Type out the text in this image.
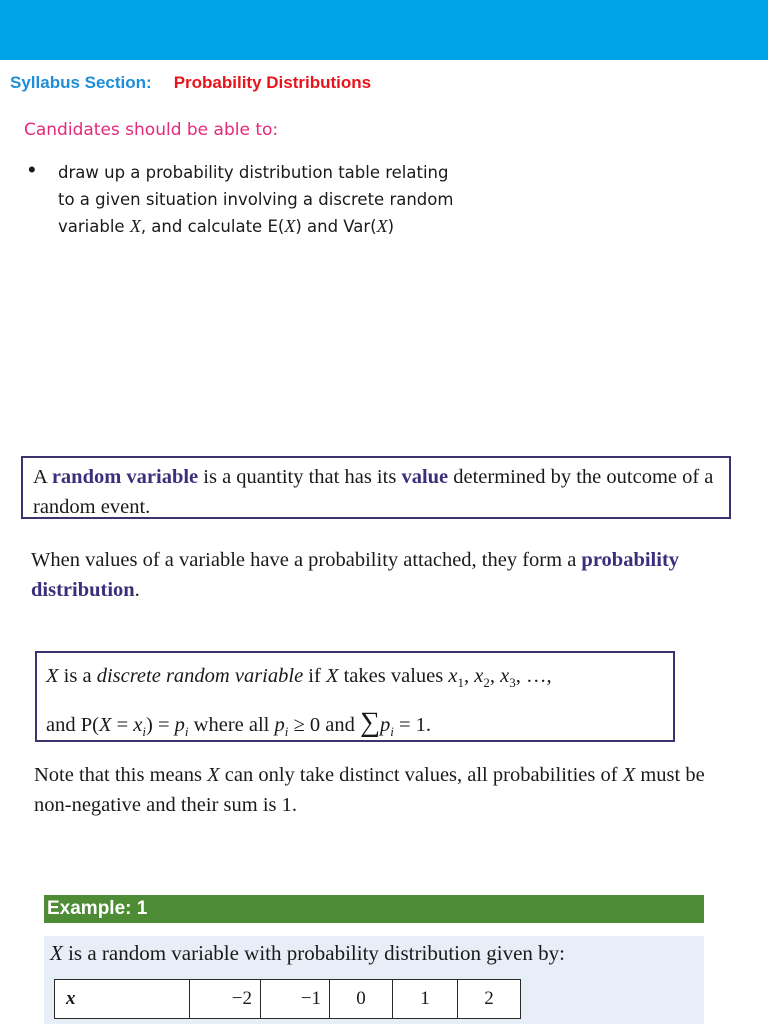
Syllabus Section: Probability Distributions
Candidates should be able to:
• draw up a probability distribution table relating
to a given situation involving a discrete random
variable X, and calculate E(X) and Var(X)
A random variable is a quantity that has its value determined by the outcome of a random event.
When values of a variable have a probability attached, they form a probability distribution.
X is a discrete random variable if X takes values $x_1$, $x_2$, $x_3$, …,
and $P(X = x_i) = p_i$ where all $p_i \ge 0$ and $\sum p_i = 1$.
Note that this means X can only take distinct values, all probabilities of X must be non-negative and their sum is 1.
Example: 1
X is a random variable with probability distribution given by:
x	−2	−1	0	1	2
